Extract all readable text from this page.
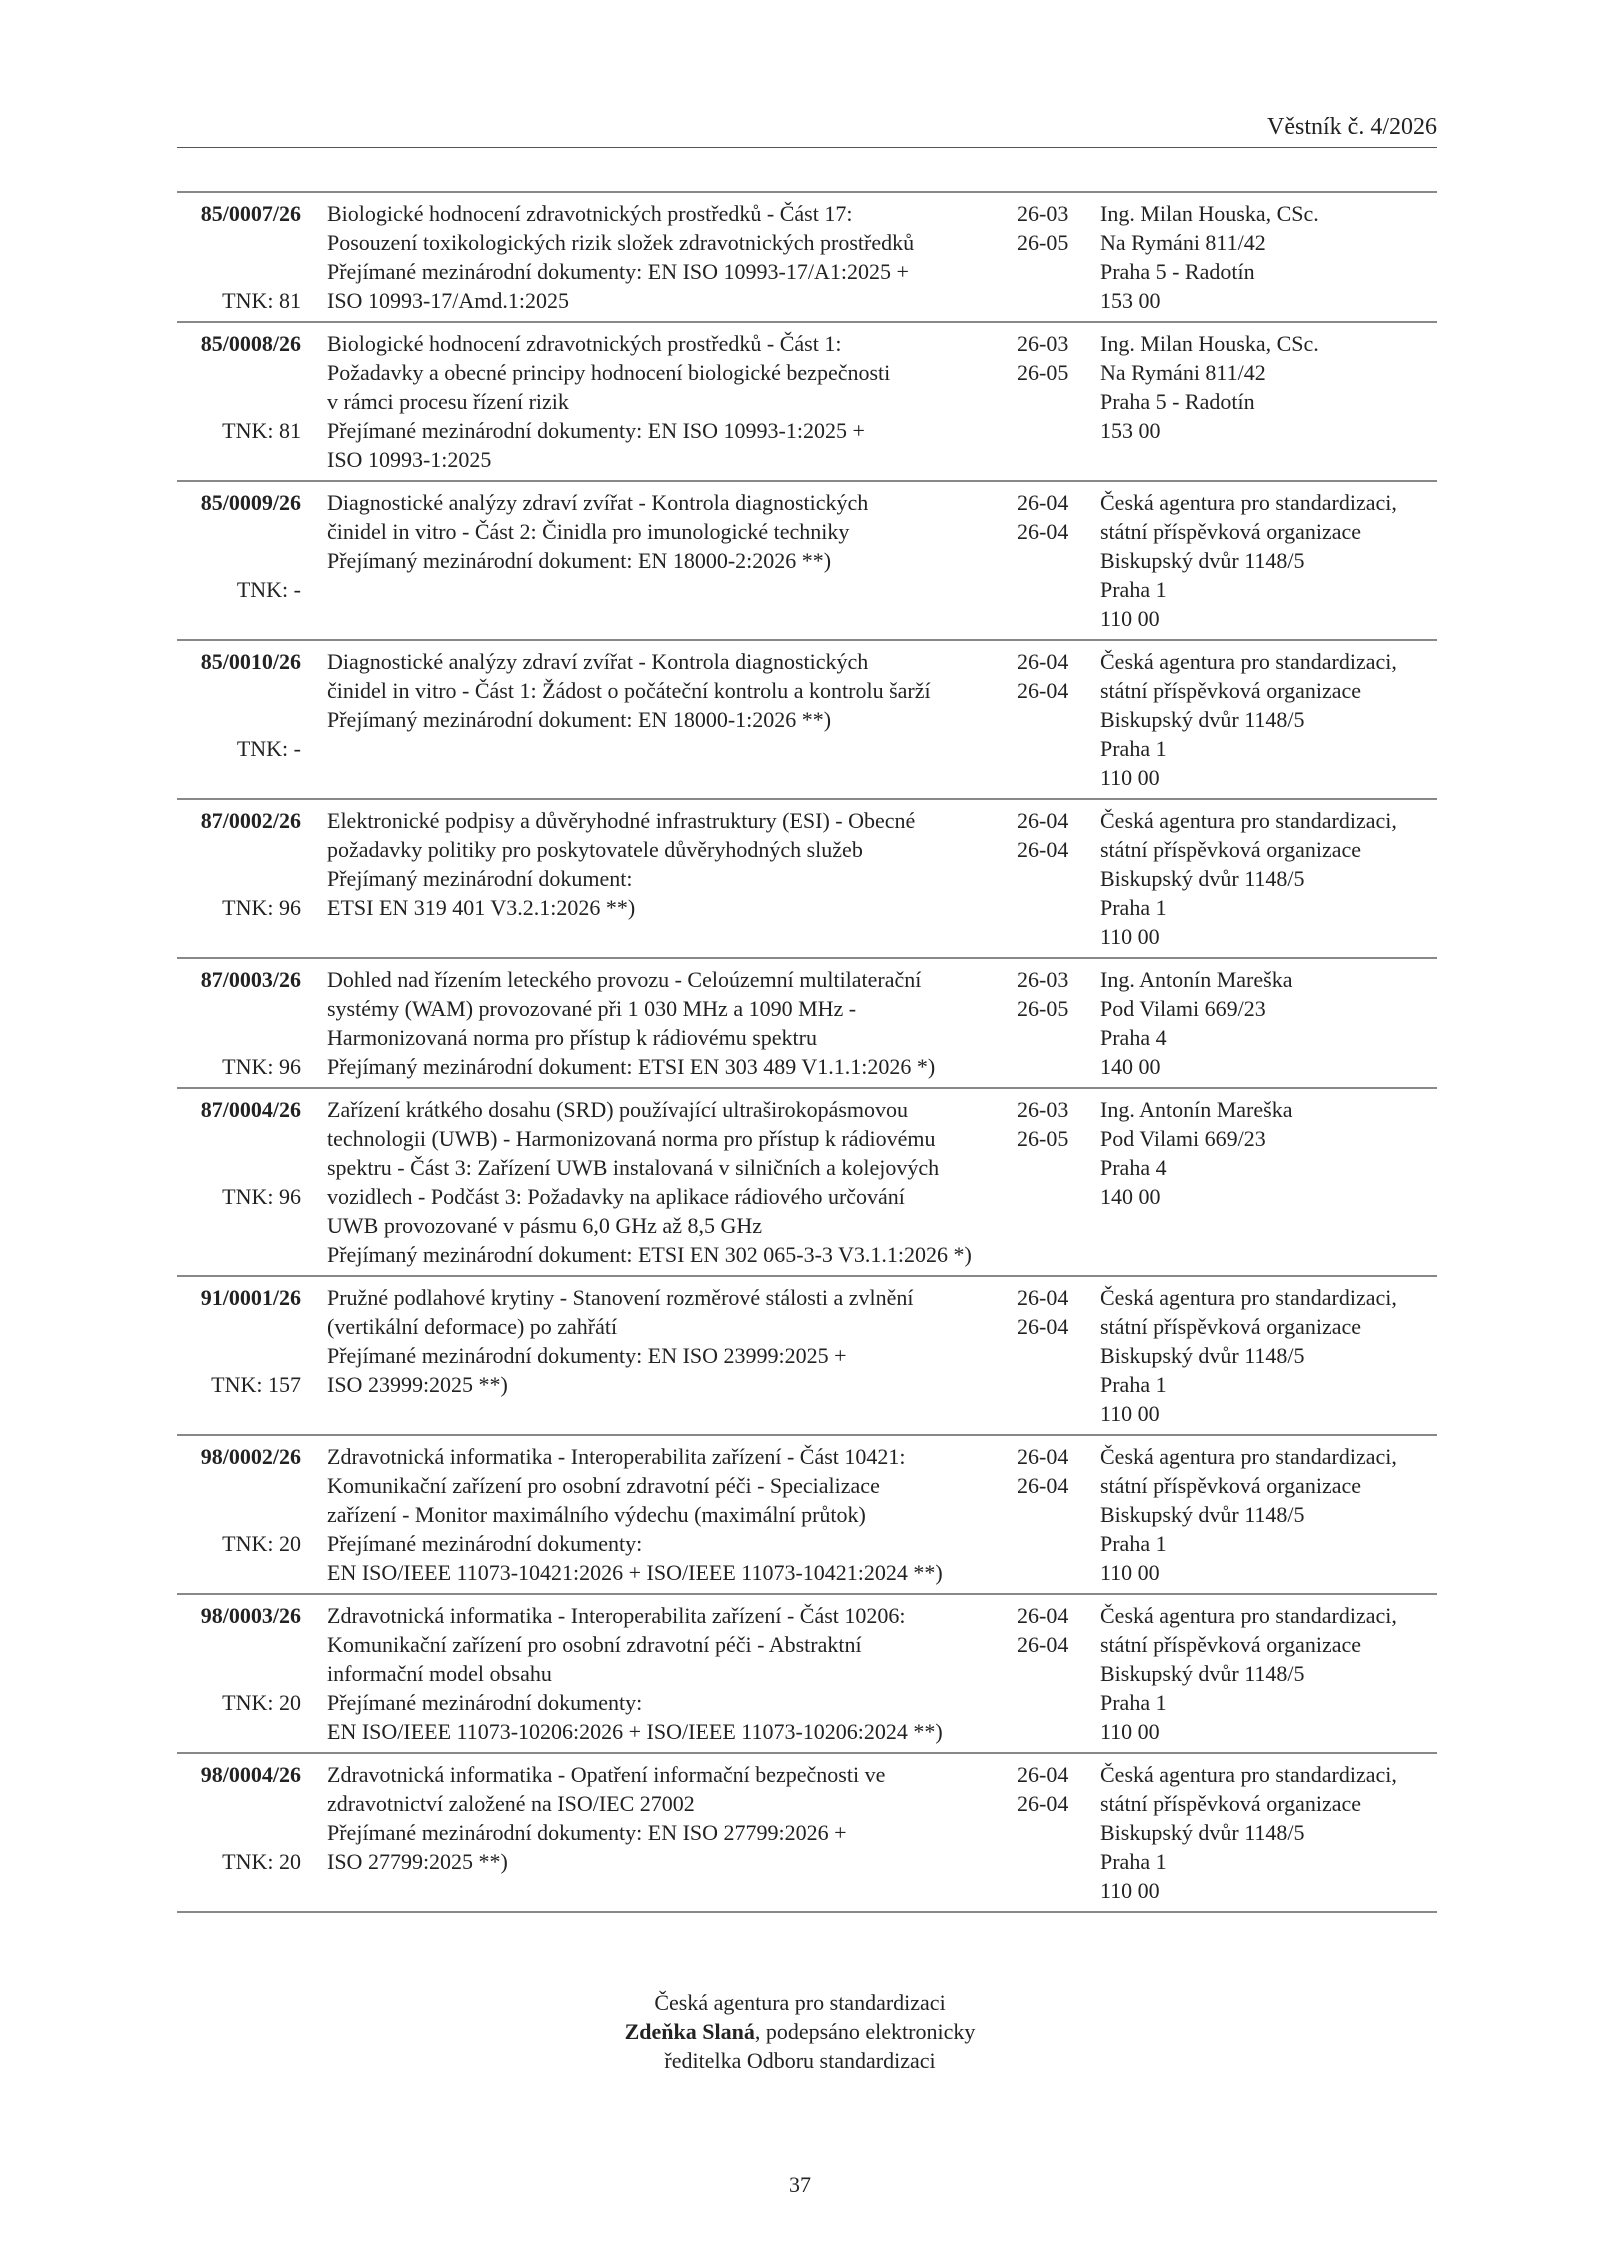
Věstník č. 4/2026
85/0007/26
TNK: 81
Biologické hodnocení zdravotnických prostředků - Část 17:
Posouzení toxikologických rizik složek zdravotnických prostředků
Přejímané mezinárodní dokumenty: EN ISO 10993-17/A1:2025 +
ISO 10993-17/Amd.1:2025
26-03
26-05
Ing. Milan Houska, CSc.
Na Rymáni 811/42
Praha 5 - Radotín
153 00
85/0008/26
TNK: 81
Biologické hodnocení zdravotnických prostředků - Část 1:
Požadavky a obecné principy hodnocení biologické bezpečnosti
v rámci procesu řízení rizik
Přejímané mezinárodní dokumenty: EN ISO 10993-1:2025 +
ISO 10993-1:2025
26-03
26-05
Ing. Milan Houska, CSc.
Na Rymáni 811/42
Praha 5 - Radotín
153 00
85/0009/26
TNK: -
Diagnostické analýzy zdraví zvířat - Kontrola diagnostických
činidel in vitro - Část 2: Činidla pro imunologické techniky
Přejímaný mezinárodní dokument: EN 18000-2:2026 **)
26-04
26-04
Česká agentura pro standardizaci,
státní příspěvková organizace
Biskupský dvůr 1148/5
Praha 1
110 00
85/0010/26
TNK: -
Diagnostické analýzy zdraví zvířat - Kontrola diagnostických
činidel in vitro - Část 1: Žádost o počáteční kontrolu a kontrolu šarží
Přejímaný mezinárodní dokument: EN 18000-1:2026 **)
26-04
26-04
Česká agentura pro standardizaci,
státní příspěvková organizace
Biskupský dvůr 1148/5
Praha 1
110 00
87/0002/26
TNK: 96
Elektronické podpisy a důvěryhodné infrastruktury (ESI) - Obecné
požadavky politiky pro poskytovatele důvěryhodných služeb
Přejímaný mezinárodní dokument:
ETSI EN 319 401 V3.2.1:2026 **)
26-04
26-04
Česká agentura pro standardizaci,
státní příspěvková organizace
Biskupský dvůr 1148/5
Praha 1
110 00
87/0003/26
TNK: 96
Dohled nad řízením leteckého provozu - Celoúzemní multilaterační
systémy (WAM) provozované při 1 030 MHz a 1090 MHz -
Harmonizovaná norma pro přístup k rádiovému spektru
Přejímaný mezinárodní dokument: ETSI EN 303 489 V1.1.1:2026 *)
26-03
26-05
Ing. Antonín Mareška
Pod Vilami 669/23
Praha 4
140 00
87/0004/26
TNK: 96
Zařízení krátkého dosahu (SRD) používající ultraširokopásmovou
technologii (UWB) - Harmonizovaná norma pro přístup k rádiovému
spektru - Část 3: Zařízení UWB instalovaná v silničních a kolejových
vozidlech - Podčást 3: Požadavky na aplikace rádiového určování
UWB provozované v pásmu 6,0 GHz až 8,5 GHz
Přejímaný mezinárodní dokument: ETSI EN 302 065-3-3 V3.1.1:2026 *)
26-03
26-05
Ing. Antonín Mareška
Pod Vilami 669/23
Praha 4
140 00
91/0001/26
TNK: 157
Pružné podlahové krytiny - Stanovení rozměrové stálosti a zvlnění
(vertikální deformace) po zahřátí
Přejímané mezinárodní dokumenty: EN ISO 23999:2025 +
ISO 23999:2025 **)
26-04
26-04
Česká agentura pro standardizaci,
státní příspěvková organizace
Biskupský dvůr 1148/5
Praha 1
110 00
98/0002/26
TNK: 20
Zdravotnická informatika - Interoperabilita zařízení - Část 10421:
Komunikační zařízení pro osobní zdravotní péči - Specializace
zařízení - Monitor maximálního výdechu (maximální průtok)
Přejímané mezinárodní dokumenty:
EN ISO/IEEE 11073-10421:2026 + ISO/IEEE 11073-10421:2024 **)
26-04
26-04
Česká agentura pro standardizaci,
státní příspěvková organizace
Biskupský dvůr 1148/5
Praha 1
110 00
98/0003/26
TNK: 20
Zdravotnická informatika - Interoperabilita zařízení - Část 10206:
Komunikační zařízení pro osobní zdravotní péči - Abstraktní
informační model obsahu
Přejímané mezinárodní dokumenty:
EN ISO/IEEE 11073-10206:2026 + ISO/IEEE 11073-10206:2024 **)
26-04
26-04
Česká agentura pro standardizaci,
státní příspěvková organizace
Biskupský dvůr 1148/5
Praha 1
110 00
98/0004/26
TNK: 20
Zdravotnická informatika - Opatření informační bezpečnosti ve
zdravotnictví založené na ISO/IEC 27002
Přejímané mezinárodní dokumenty: EN ISO 27799:2026 +
ISO 27799:2025 **)
26-04
26-04
Česká agentura pro standardizaci,
státní příspěvková organizace
Biskupský dvůr 1148/5
Praha 1
110 00
Česká agentura pro standardizaci
Zdeňka Slaná, podepsáno elektronicky
ředitelka Odboru standardizaci
37
